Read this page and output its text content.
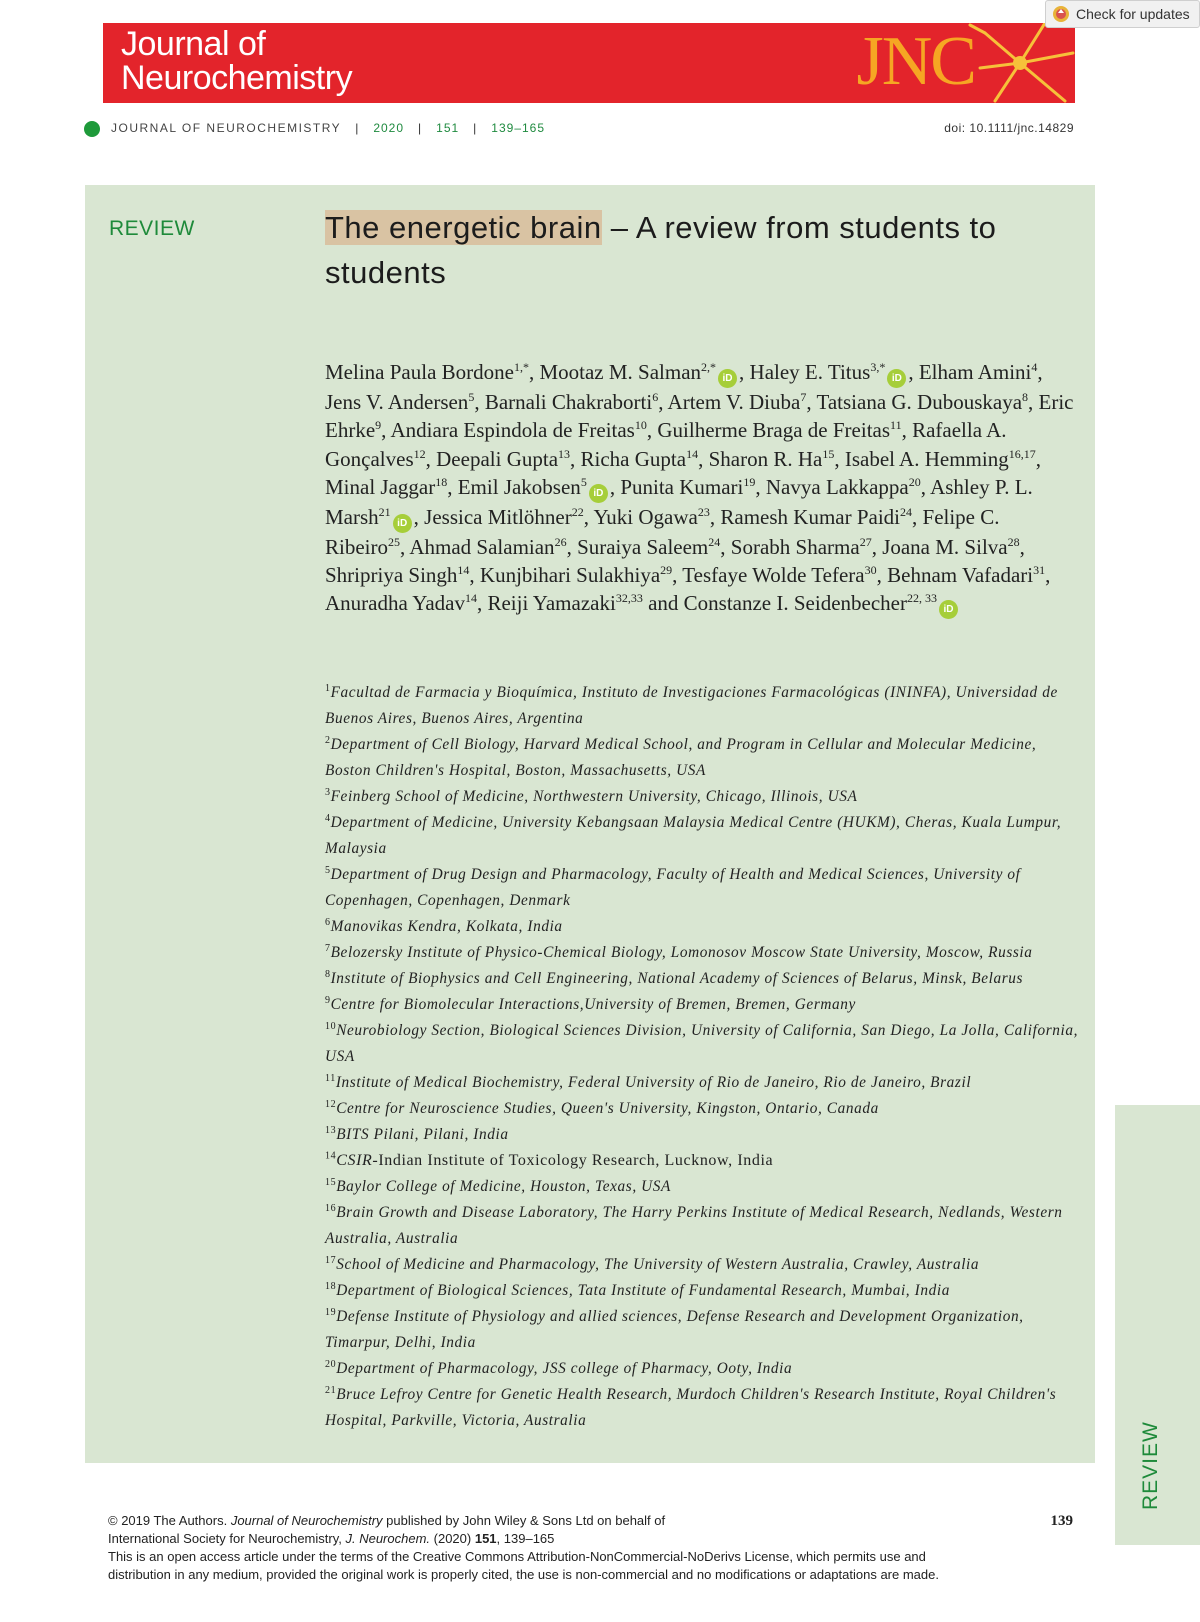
Journal of
Neurochemistry	JNC
Check for updates
JOURNAL OF NEUROCHEMISTRY | 2020 | 151 | 139–165	doi: 10.1111/jnc.14829
REVIEW	The energetic brain – A review from students to students
Melina Paula Bordone$^{1,*}$, Mootaz M. Salman$^{2,*}$iD , Haley E. Titus$^{3,*}$iD , Elham Amini$^4$, Jens V. Andersen$^5$, Barnali Chakraborti$^6$, Artem V. Diuba$^7$, Tatsiana G. Dubouskaya$^8$, Eric Ehrke$^9$, Andiara Espindola de Freitas$^{10}$, Guilherme Braga de Freitas$^{11}$, Rafaella A. Gonçalves$^{12}$, Deepali Gupta$^{13}$, Richa Gupta$^{14}$, Sharon R. Ha$^{15}$, Isabel A. Hemming$^{16,17}$, Minal Jaggar$^{18}$, Emil Jakobsen$^5$iD , Punita Kumari$^{19}$, Navya Lakkappa$^{20}$, Ashley P. L. Marsh$^{21}$iD , Jessica Mitlöhner$^{22}$, Yuki Ogawa$^{23}$, Ramesh Kumar Paidi$^{24}$, Felipe C. Ribeiro$^{25}$, Ahmad Salamian$^{26}$, Suraiya Saleem$^{24}$, Sorabh Sharma$^{27}$, Joana M. Silva$^{28}$, Shripriya Singh$^{14}$, Kunjbihari Sulakhiya$^{29}$, Tesfaye Wolde Tefera$^{30}$, Behnam Vafadari$^{31}$, Anuradha Yadav$^{14}$, Reiji Yamazaki$^{32,33}$ and Constanze I. Seidenbecher$^{22, 33}$iD

$^1$Facultad de Farmacia y Bioquímica, Instituto de Investigaciones Farmacológicas (ININFA), Universidad de Buenos Aires, Buenos Aires, Argentina

$^2$Department of Cell Biology, Harvard Medical School, and Program in Cellular and Molecular Medicine, Boston Children's Hospital, Boston, Massachusetts, USA

$^3$Feinberg School of Medicine, Northwestern University, Chicago, Illinois, USA

$^4$Department of Medicine, University Kebangsaan Malaysia Medical Centre (HUKM), Cheras, Kuala Lumpur, Malaysia

$^5$Department of Drug Design and Pharmacology, Faculty of Health and Medical Sciences, University of Copenhagen, Copenhagen, Denmark

$^6$Manovikas Kendra, Kolkata, India

$^7$Belozersky Institute of Physico-Chemical Biology, Lomonosov Moscow State University, Moscow, Russia

$^8$Institute of Biophysics and Cell Engineering, National Academy of Sciences of Belarus, Minsk, Belarus

$^9$Centre for Biomolecular Interactions,University of Bremen, Bremen, Germany

$^{10}$Neurobiology Section, Biological Sciences Division, University of California, San Diego, La Jolla, California, USA

$^{11}$Institute of Medical Biochemistry, Federal University of Rio de Janeiro, Rio de Janeiro, Brazil

$^{12}$Centre for Neuroscience Studies, Queen's University, Kingston, Ontario, Canada

$^{13}$BITS Pilani, Pilani, India

$^{14}$CSIR-Indian Institute of Toxicology Research, Lucknow, India

$^{15}$Baylor College of Medicine, Houston, Texas, USA

$^{16}$Brain Growth and Disease Laboratory, The Harry Perkins Institute of Medical Research, Nedlands, Western Australia, Australia

$^{17}$School of Medicine and Pharmacology, The University of Western Australia, Crawley, Australia

$^{18}$Department of Biological Sciences, Tata Institute of Fundamental Research, Mumbai, India

$^{19}$Defense Institute of Physiology and allied sciences, Defense Research and Development Organization, Timarpur, Delhi, India

$^{20}$Department of Pharmacology, JSS college of Pharmacy, Ooty, India

$^{21}$Bruce Lefroy Centre for Genetic Health Research, Murdoch Children's Research Institute, Royal Children's Hospital, Parkville, Victoria, Australia

REVIEW
139

© 2019 The Authors. Journal of Neurochemistry published by John Wiley & Sons Ltd on behalf of

International Society for Neurochemistry, J. Neurochem. (2020) 151, 139–165

This is an open access article under the terms of the Creative Commons Attribution-NonCommercial-NoDerivs License, which permits use and

distribution in any medium, provided the original work is properly cited, the use is non-commercial and no modifications or adaptations are made.
